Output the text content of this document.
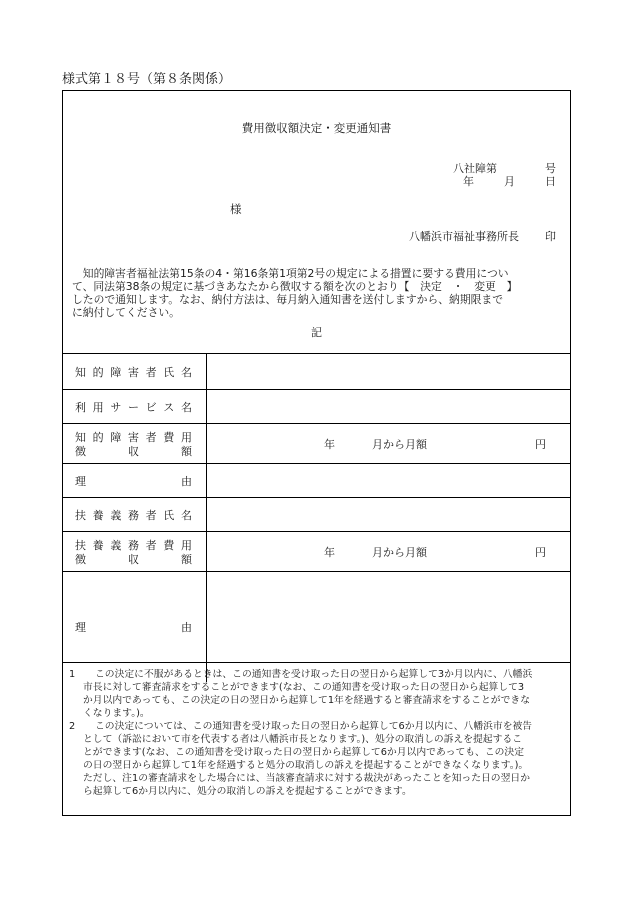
様式第１８号（第８条関係）
費用徴収額決定・変更通知書
八社障第	号
年	月	日
様
八幡浜市福祉事務所長 印
　知的障害者福祉法第15条の4・第16条第1項第2号の規定による措置に要する費用につい
て、同法第38条の規定に基づきあなたから徴収する額を次のとおり【　決定　・　変更　】
したので通知します。なお、納付方法は、毎月納入通知書を送付しますから、納期限まで
に納付してください。
記
知 的 障 害 者 氏 名
利 用 サ ー ビ ス 名
知 的 障 害 者 費 用
徴	収	額
年	月から月額	円
理	由
扶 養 義 務 者 氏 名
扶 養 義 務 者 費 用
徴	収	額
年	月から月額	円
理	由
1	この決定に不服があるときは、この通知書を受け取った日の翌日から起算して3か月以内に、八幡浜
市長に対して審査請求をすることができます(なお、この通知書を受け取った日の翌日から起算して3
か月以内であっても、この決定の日の翌日から起算して1年を経過すると審査請求をすることができな
くなります。)。
2	この決定については、この通知書を受け取った日の翌日から起算して6か月以内に、八幡浜市を被告
として（訴訟において市を代表する者は八幡浜市長となります。)、処分の取消しの訴えを提起するこ
とができます(なお、この通知書を受け取った日の翌日から起算して6か月以内であっても、この決定
の日の翌日から起算して1年を経過すると処分の取消しの訴えを提起することができなくなります。)。
ただし、注1の審査請求をした場合には、当該審査請求に対する裁決があったことを知った日の翌日か
ら起算して6か月以内に、処分の取消しの訴えを提起することができます。
